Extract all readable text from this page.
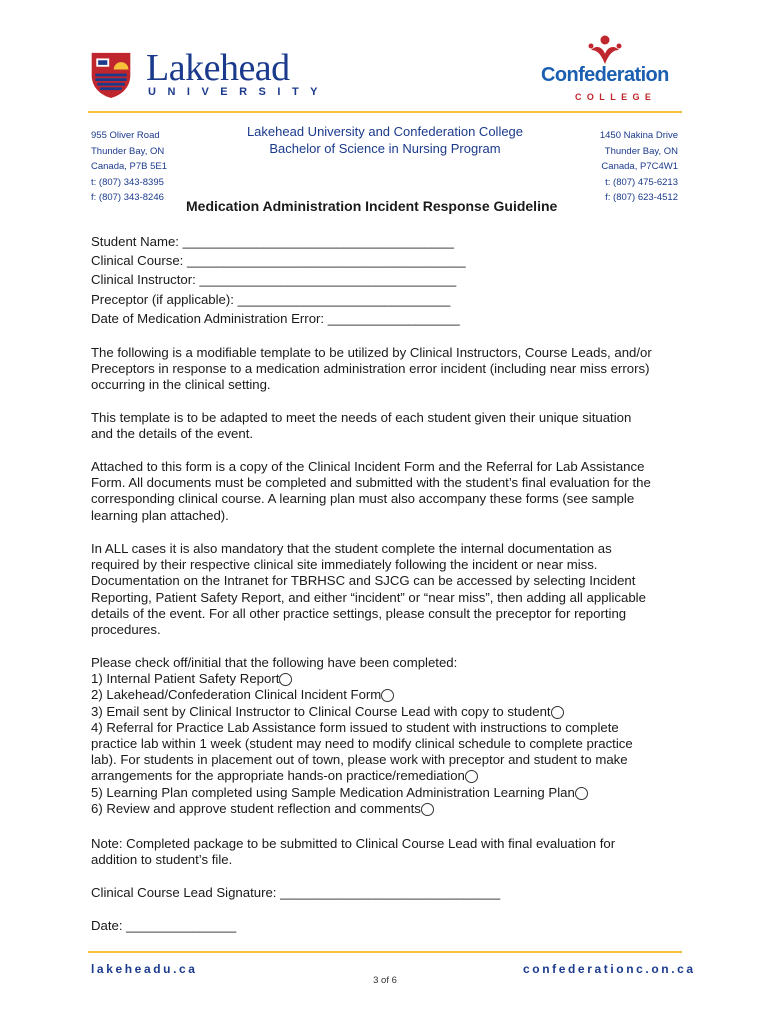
Lakehead
UNIVERSITY
Confederation
COLLEGE
955 Oliver Road
Thunder Bay, ON
Canada, P7B 5E1
t: (807) 343-8395
f: (807) 343-8246
1450 Nakina Drive
Thunder Bay, ON
Canada, P7C4W1
t: (807) 475-6213
f: (807) 623-4512
Lakehead University and Confederation College
Bachelor of Science in Nursing Program
Medication Administration Incident Response Guideline
Student Name: _____________________________________
Clinical Course: ______________________________________
Clinical Instructor: ___________________________________
Preceptor (if applicable): _____________________________
Date of Medication Administration Error: __________________
The following is a modifiable template to be utilized by Clinical Instructors, Course Leads, and/or
Preceptors in response to a medication administration error incident (including near miss errors)
occurring in the clinical setting.
This template is to be adapted to meet the needs of each student given their unique situation
and the details of the event.
Attached to this form is a copy of the Clinical Incident Form and the Referral for Lab Assistance
Form. All documents must be completed and submitted with the student’s final evaluation for the
corresponding clinical course. A learning plan must also accompany these forms (see sample
learning plan attached).
In ALL cases it is also mandatory that the student complete the internal documentation as
required by their respective clinical site immediately following the incident or near miss.
Documentation on the Intranet for TBRHSC and SJCG can be accessed by selecting Incident
Reporting, Patient Safety Report, and either “incident” or “near miss”, then adding all applicable
details of the event. For all other practice settings, please consult the preceptor for reporting
procedures.
Please check off/initial that the following have been completed:
1) Internal Patient Safety Report
2) Lakehead/Confederation Clinical Incident Form
3) Email sent by Clinical Instructor to Clinical Course Lead with copy to student
4) Referral for Practice Lab Assistance form issued to student with instructions to complete
practice lab within 1 week (student may need to modify clinical schedule to complete practice
lab). For students in placement out of town, please work with preceptor and student to make
arrangements for the appropriate hands-on practice/remediation
5) Learning Plan completed using Sample Medication Administration Learning Plan
6) Review and approve student reflection and comments
Note: Completed package to be submitted to Clinical Course Lead with final evaluation for
addition to student’s file.
Clinical Course Lead Signature: ______________________________
Date: _______________
lakeheadu.ca	confederationc.on.ca
3 of 6
